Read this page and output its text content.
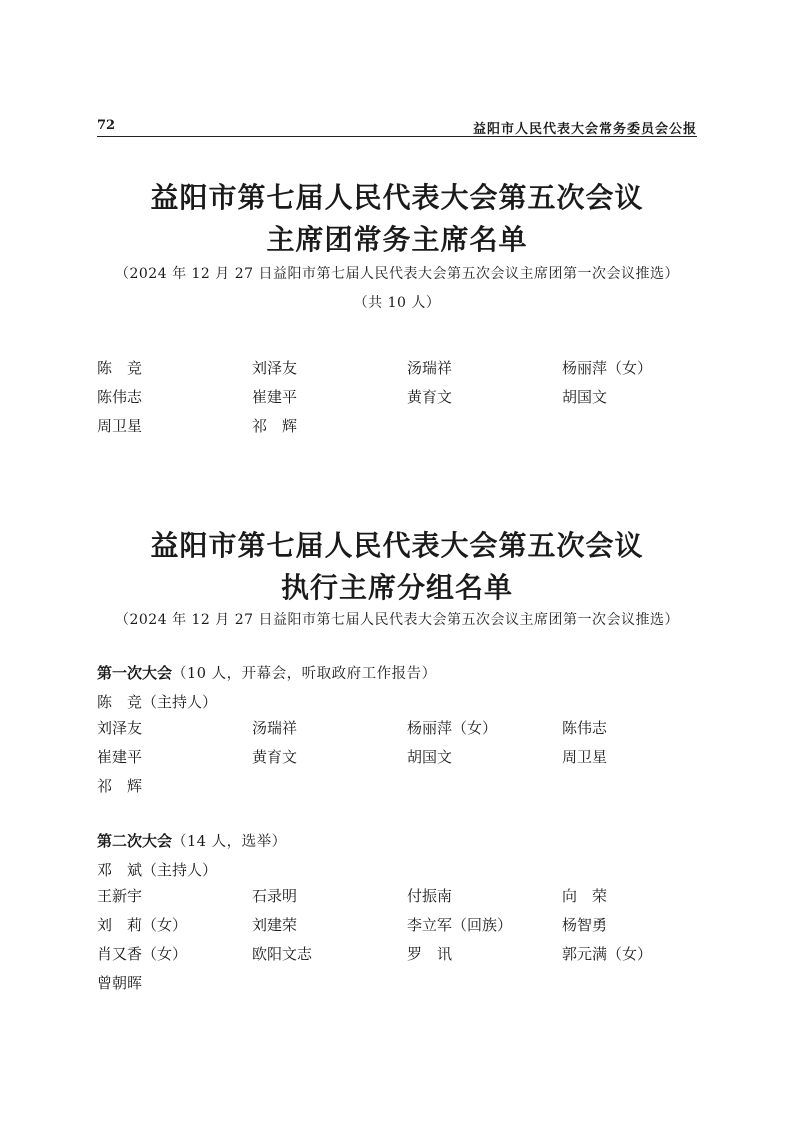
72	益阳市人民代表大会常务委员会公报
益阳市第七届人民代表大会第五次会议
主席团常务主席名单
（2024 年 12 月 27 日益阳市第七届人民代表大会第五次会议主席团第一次会议推选）
（共 10 人）
陈　竞	刘泽友	汤瑞祥	杨丽萍（女）
陈伟志	崔建平	黄育文	胡国文
周卫星	祁　辉
益阳市第七届人民代表大会第五次会议
执行主席分组名单
（2024 年 12 月 27 日益阳市第七届人民代表大会第五次会议主席团第一次会议推选）
第一次大会（10 人，开幕会，听取政府工作报告）
陈　竞（主持人）
刘泽友	汤瑞祥	杨丽萍（女）	陈伟志
崔建平	黄育文	胡国文	周卫星
祁　辉
第二次大会（14 人，选举）
邓　斌（主持人）
王新宇	石录明	付振南	向　荣
刘　莉（女）	刘建荣	李立军（回族）	杨智勇
肖又香（女）	欧阳文志	罗　讯	郭元满（女）
曾朝晖
